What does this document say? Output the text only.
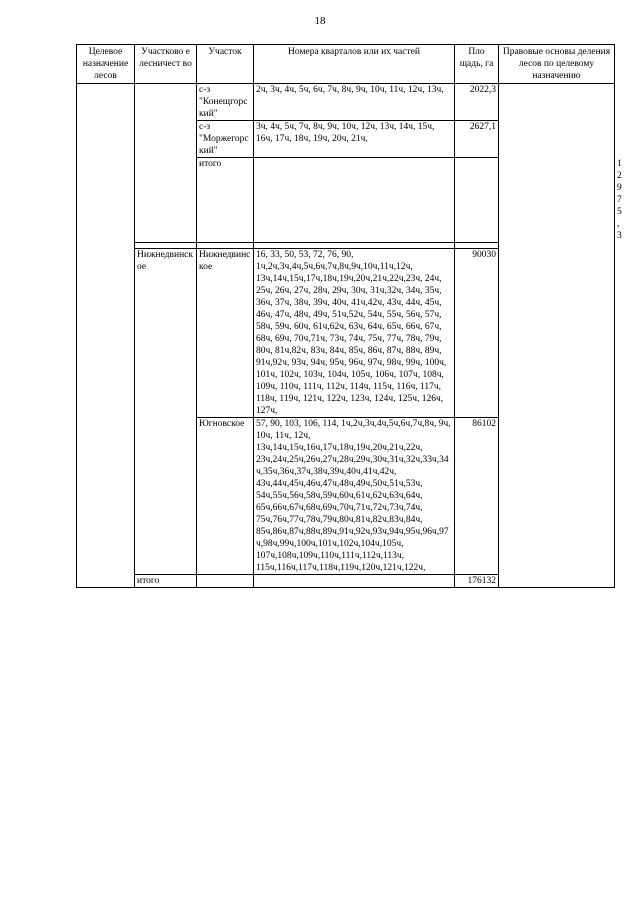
18
Целевое назначение лесов	Участково е лесничест во	Участок	Номера кварталов или их частей	Пло щадь, га	Правовые основы деления лесов по целевому назначению	
		с-з "Конещгорский"	2ч, 3ч, 4ч, 5ч, 6ч, 7ч, 8ч, 9ч, 10ч, 11ч, 12ч, 13ч,	2022,3		
		с-з "Моржегорский"	3ч, 4ч, 5ч, 7ч, 8ч, 9ч, 10ч, 12ч, 13ч, 14ч, 15ч, 16ч, 17ч, 18ч, 19ч, 20ч, 21ч,	2627,1		
		итого				12975,3

	Нижнедвинское	Нижнедвинское	16, 33, 50, 53, 72, 76, 90, 1ч,2ч,3ч,4ч,5ч,6ч,7ч,8ч,9ч,10ч,11ч,12ч, 13ч,14ч,15ч,17ч,18ч,19ч,20ч,21ч,22ч,23ч, 24ч, 25ч, 26ч, 27ч, 28ч, 29ч, 30ч, 31ч,32ч, 34ч, 35ч, 36ч, 37ч, 38ч, 39ч, 40ч, 41ч,42ч, 43ч, 44ч, 45ч, 46ч, 47ч, 48ч, 49ч, 51ч,52ч, 54ч, 55ч, 56ч, 57ч, 58ч, 59ч, 60ч, 61ч,62ч, 63ч, 64ч, 65ч, 66ч, 67ч, 68ч, 69ч, 70ч,71ч, 73ч, 74ч, 75ч, 77ч, 78ч, 79ч, 80ч, 81ч,82ч, 83ч, 84ч, 85ч, 86ч, 87ч, 88ч, 89ч, 91ч,92ч, 93ч, 94ч, 95ч, 96ч, 97ч, 98ч, 99ч, 100ч, 101ч, 102ч, 103ч, 104ч, 105ч, 106ч, 107ч, 108ч, 109ч, 110ч, 111ч, 112ч, 114ч, 115ч, 116ч, 117ч, 118ч, 119ч, 121ч, 122ч, 123ч, 124ч, 125ч, 126ч, 127ч,	90030		
		Югновское	57, 90, 103, 106, 114, 1ч,2ч,3ч,4ч,5ч,6ч,7ч,8ч, 9ч, 10ч, 11ч, 12ч, 13ч,14ч,15ч,16ч,17ч,18ч,19ч,20ч,21ч,22ч, 23ч,24ч,25ч,26ч,27ч,28ч,29ч,30ч,31ч,32ч,33ч,34ч,35ч,36ч,37ч,38ч,39ч,40ч,41ч,42ч, 43ч,44ч,45ч,46ч,47ч,48ч,49ч,50ч,51ч,53ч, 54ч,55ч,56ч,58ч,59ч,60ч,61ч,62ч,63ч,64ч, 65ч,66ч,67ч,68ч,69ч,70ч,71ч,72ч,73ч,74ч, 75ч,76ч,77ч,78ч,79ч,80ч,81ч,82ч,83ч,84ч, 85ч,86ч,87ч,88ч,89ч,91ч,92ч,93ч,94ч,95ч,96ч,97ч,98ч,99ч,100ч,101ч,102ч,104ч,105ч, 107ч,108ч,109ч,110ч,111ч,112ч,113ч, 115ч,116ч,117ч,118ч,119ч,120ч,121ч,122ч,	86102		
	итого			176132		
